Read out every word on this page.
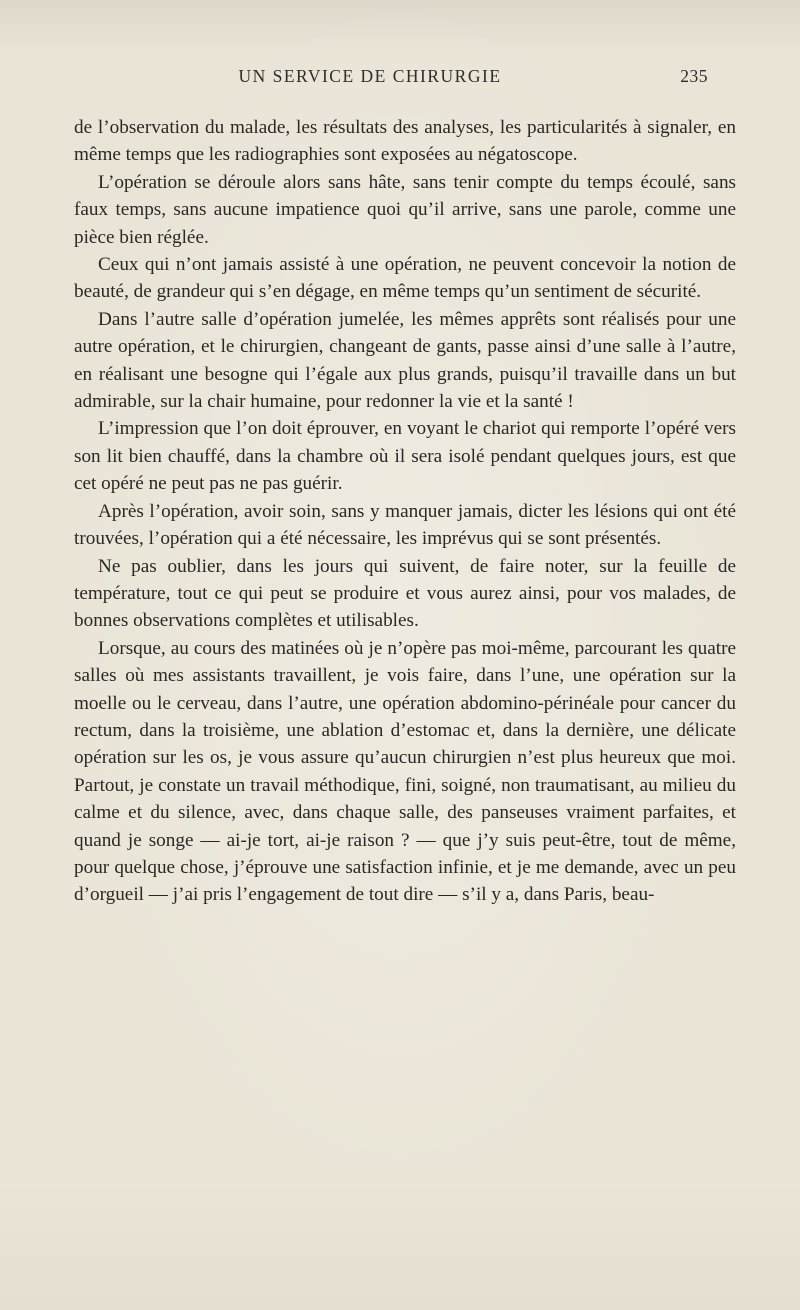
UN SERVICE DE CHIRURGIE	235

de l’observation du malade, les résultats des analyses, les particularités à signaler, en même temps que les radiographies sont exposées au négatoscope.

L’opération se déroule alors sans hâte, sans tenir compte du temps écoulé, sans faux temps, sans aucune impatience quoi qu’il arrive, sans une parole, comme une pièce bien réglée.

Ceux qui n’ont jamais assisté à une opération, ne peuvent concevoir la notion de beauté, de grandeur qui s’en dégage, en même temps qu’un sentiment de sécurité.

Dans l’autre salle d’opération jumelée, les mêmes apprêts sont réalisés pour une autre opération, et le chirurgien, changeant de gants, passe ainsi d’une salle à l’autre, en réalisant une besogne qui l’égale aux plus grands, puisqu’il travaille dans un but admirable, sur la chair humaine, pour redonner la vie et la santé !

L’impression que l’on doit éprouver, en voyant le chariot qui remporte l’opéré vers son lit bien chauffé, dans la chambre où il sera isolé pendant quelques jours, est que cet opéré ne peut pas ne pas guérir.

Après l’opération, avoir soin, sans y manquer jamais, dicter les lésions qui ont été trouvées, l’opération qui a été nécessaire, les imprévus qui se sont présentés.

Ne pas oublier, dans les jours qui suivent, de faire noter, sur la feuille de température, tout ce qui peut se produire et vous aurez ainsi, pour vos malades, de bonnes observations complètes et utilisables.

Lorsque, au cours des matinées où je n’opère pas moi-même, parcourant les quatre salles où mes assistants travaillent, je vois faire, dans l’une, une opération sur la moelle ou le cerveau, dans l’autre, une opération abdomino-périnéale pour cancer du rectum, dans la troisième, une ablation d’estomac et, dans la dernière, une délicate opération sur les os, je vous assure qu’aucun chirurgien n’est plus heureux que moi. Partout, je constate un travail méthodique, fini, soigné, non traumatisant, au milieu du calme et du silence, avec, dans chaque salle, des panseuses vraiment parfaites, et quand je songe — ai-je tort, ai-je raison ? — que j’y suis peut-être, tout de même, pour quelque chose, j’éprouve une satisfaction infinie, et je me demande, avec un peu d’orgueil — j’ai pris l’engagement de tout dire — s’il y a, dans Paris, beau-
